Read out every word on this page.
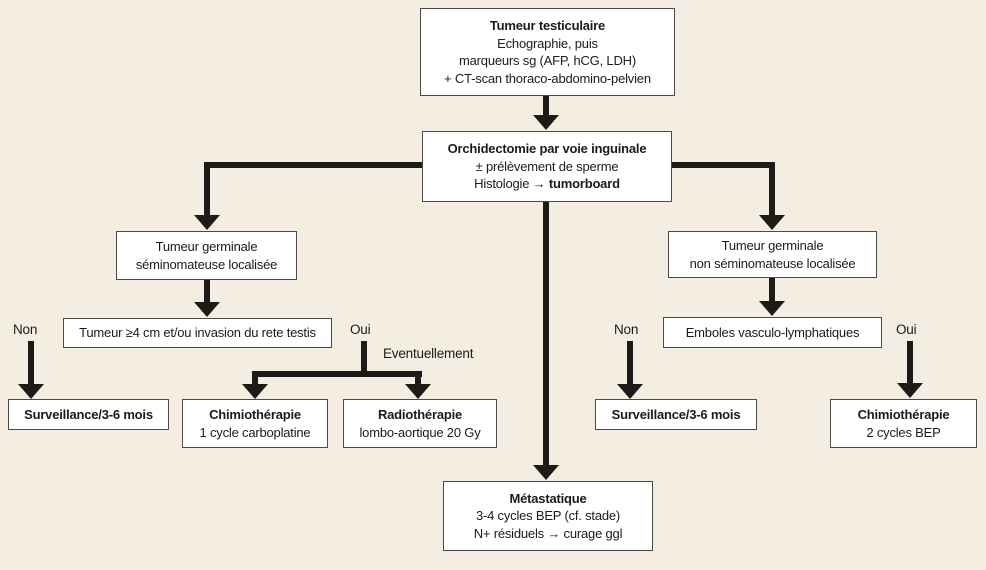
Non	Oui
Eventuellement
Non	Oui
Tumeur testiculaire
Echographie, puis
marqueurs sg (AFP, hCG, LDH)
+ CT-scan thoraco-abdomino-pelvien
Orchidectomie par voie inguinale
± prélèvement de sperme
Histologie → tumorboard
Tumeur germinale
séminomateuse localisée
Tumeur ≥4 cm et/ou invasion du rete testis
Surveillance/3-6 mois	Chimiothérapie
1 cycle carboplatine
Radiothérapie
lombo-aortique 20 Gy
Tumeur germinale
non séminomateuse localisée
Emboles vasculo-lymphatiques
Surveillance/3-6 mois	Chimiothérapie
2 cycles BEP
Métastatique
3-4 cycles BEP (cf. stade)
N+ résiduels → curage ggl
